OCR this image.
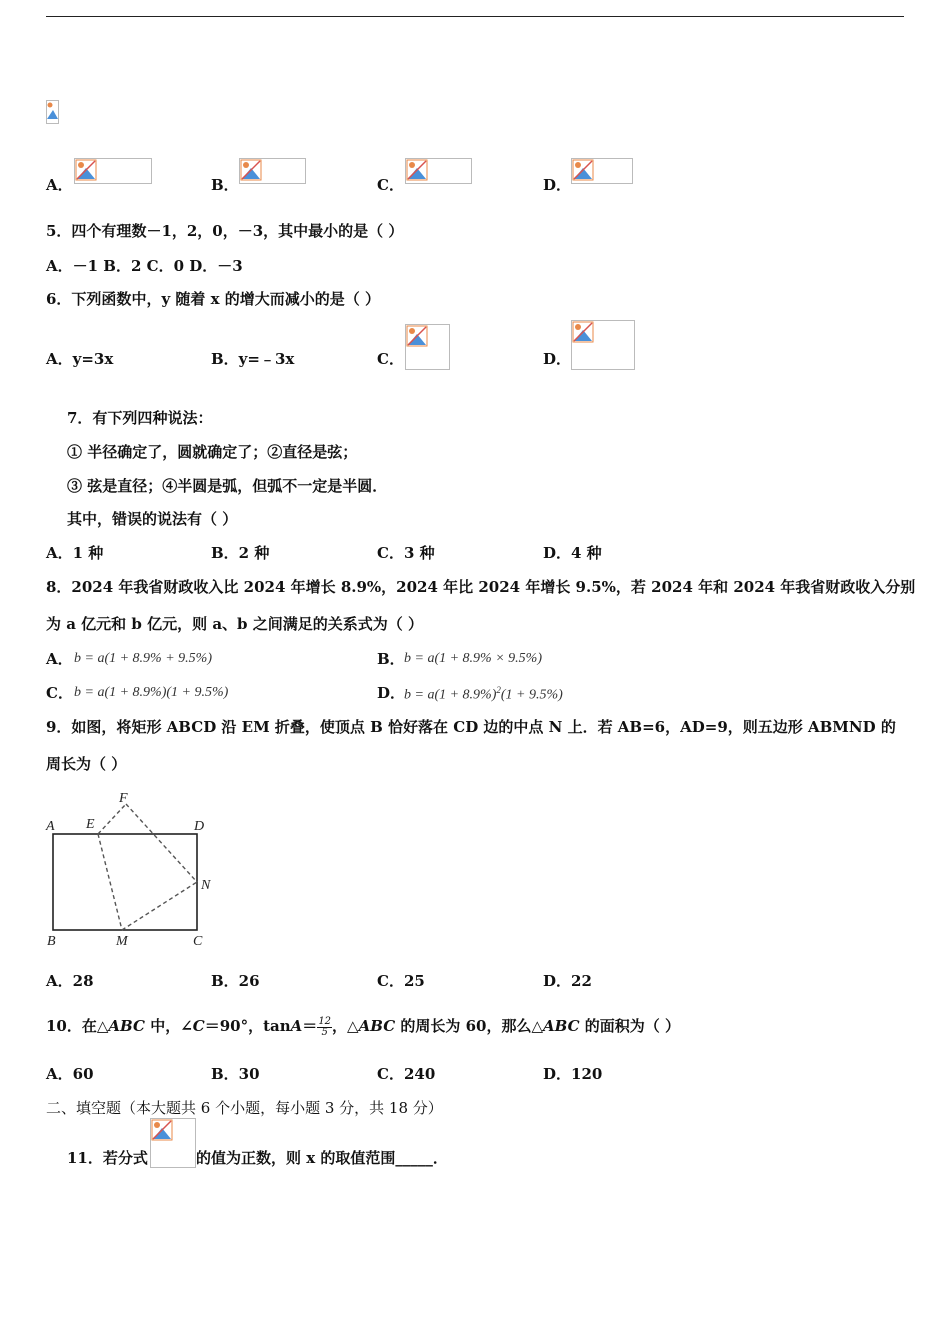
A．	B．	C．	D．
5．四个有理数－1，2，0，－3，其中最小的是（ ）
A．－1 B．2 C．0 D．－3
6．下列函数中，y 随着 x 的增大而减小的是（ ）
A．y=3x	B．y=﹣3x	C．	D．
7．有下列四种说法：
① 半径确定了，圆就确定了；②直径是弦；
③ 弦是直径；④半圆是弧，但弧不一定是半圆．
其中，错误的说法有（ ）
A．1 种	B．2 种	C．3 种	D．4 种
8．2024 年我省财政收入比 2024 年增长 8.9%，2024 年比 2024 年增长 9.5%，若 2024 年和 2024 年我省财政收入分别
为 a 亿元和 b 亿元，则 a、b 之间满足的关系式为（ ）
A． b = a(1 + 8.9% + 9.5%)	B． b = a(1 + 8.9% × 9.5%)
C． b = a(1 + 8.9%)(1 + 9.5%)	D．
$b = a(1 + 8.9\%)^2(1 + 9.5\%)$
9．如图，将矩形 ABCD 沿 EM 折叠，使顶点 B 恰好落在 CD 边的中点 N 上．若 AB=6，AD=9，则五边形 ABMND 的
周长为（ ）
A E
F
D
N
B	M	C
A．28	B．26	C．25	D．22
10．在△ABC 中，∠C＝90°，$\tan A= \frac{12}{5}$ ，△ABC 的周长为 60，那么△ABC 的面积为（ ）
A．60	B．30	C．240	D．120
二、填空题（本大题共 6 个小题，每小题 3 分，共 18 分）
11．若分式	的值为正数，则 x 的取值范围_____．
